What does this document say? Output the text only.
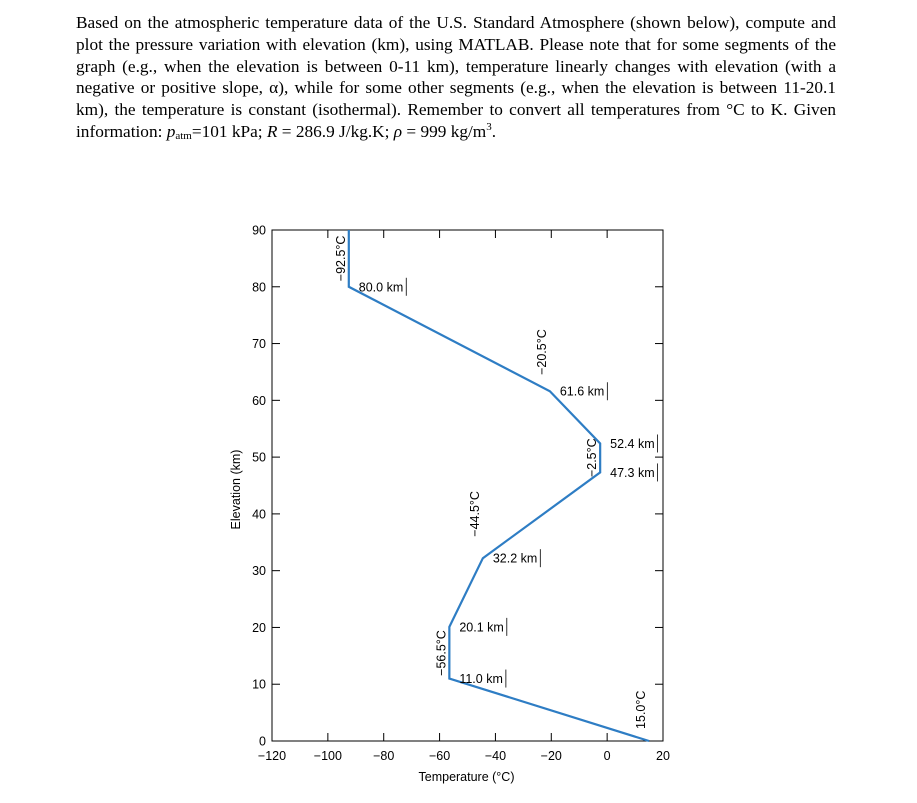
Based on the atmospheric temperature data of the U.S. Standard Atmosphere (shown below), compute and plot the pressure variation with elevation (km), using MATLAB. Please note that for some segments of the graph (e.g., when the elevation is between 0-11 km), temperature linearly changes with elevation (with a negative or positive slope, α), while for some other segments (e.g., when the elevation is between 11-20.1 km), the temperature is constant (isothermal). Remember to convert all temperatures from °C to K. Given information: $p_{atm}=101$ kPa; R = 286.9 J/kg.K; ρ = 999 $kg/m^3$.

−120 −100 −80	−60	−40	−20	0	20
0
10
20
30
40
50
60
70
80
90
11.0 km
20.1 km
32.2 km
47.3 km
52.4 km
61.6 km
80.0 km
15.0°C
−56.5°C
−44.5°C
−2.5°C
−20.5°C
−92.5°C
Temperature (°C)
Elevation (km)
